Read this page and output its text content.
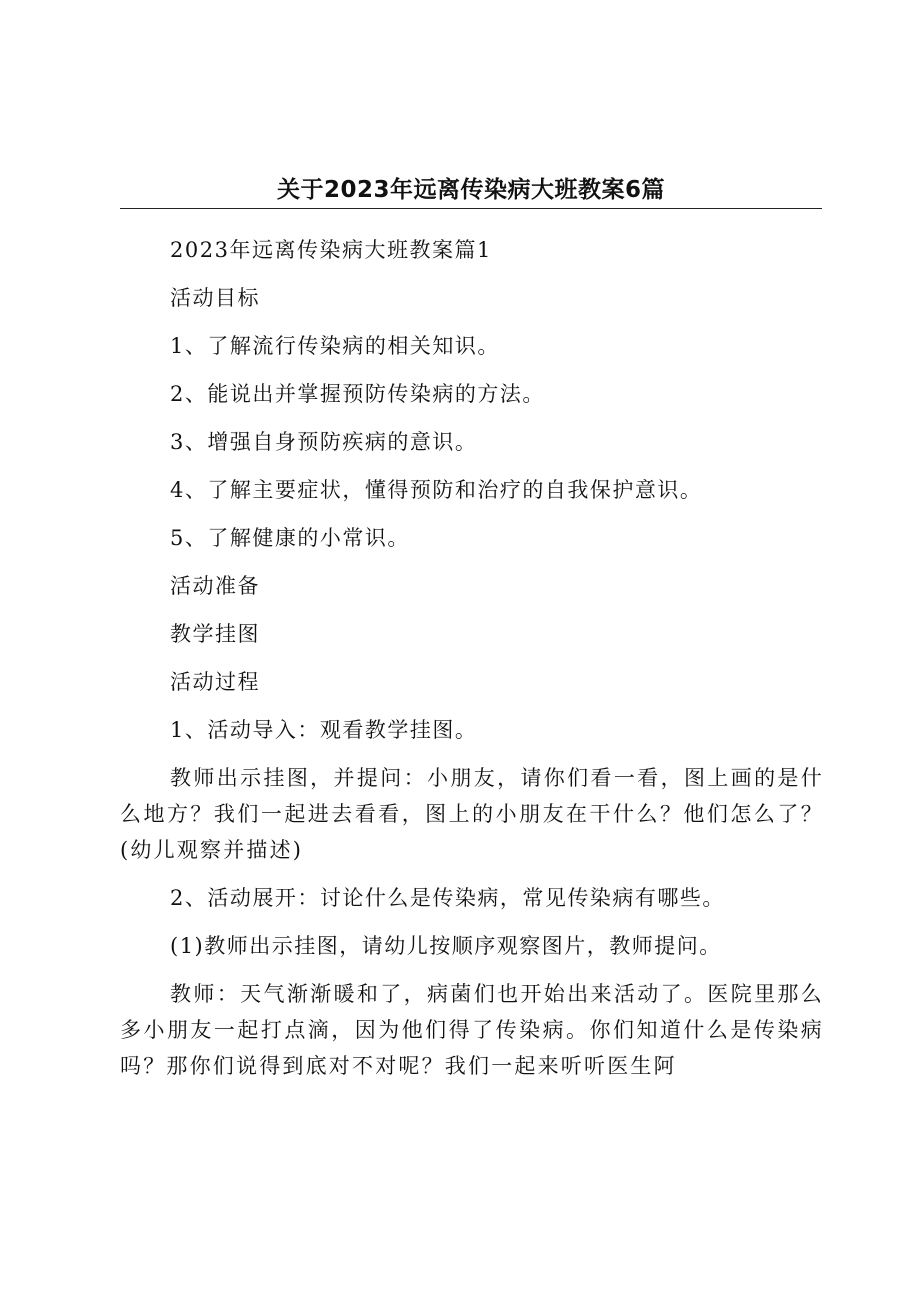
关于2023年远离传染病大班教案6篇

2023年远离传染病大班教案篇1

活动目标

1、了解流行传染病的相关知识。

2、能说出并掌握预防传染病的方法。

3、增强自身预防疾病的意识。

4、了解主要症状，懂得预防和治疗的自我保护意识。

5、了解健康的小常识。

活动准备

教学挂图

活动过程

1、活动导入：观看教学挂图。

教师出示挂图，并提问：小朋友，请你们看一看，图上画的是什么地方？我们一起进去看看，图上的小朋友在干什么？他们怎么了？(幼儿观察并描述)

2、活动展开：讨论什么是传染病，常见传染病有哪些。

(1)教师出示挂图，请幼儿按顺序观察图片，教师提问。

教师：天气渐渐暖和了，病菌们也开始出来活动了。医院里那么多小朋友一起打点滴，因为他们得了传染病。你们知道什么是传染病吗？那你们说得到底对不对呢？我们一起来听听医生阿
